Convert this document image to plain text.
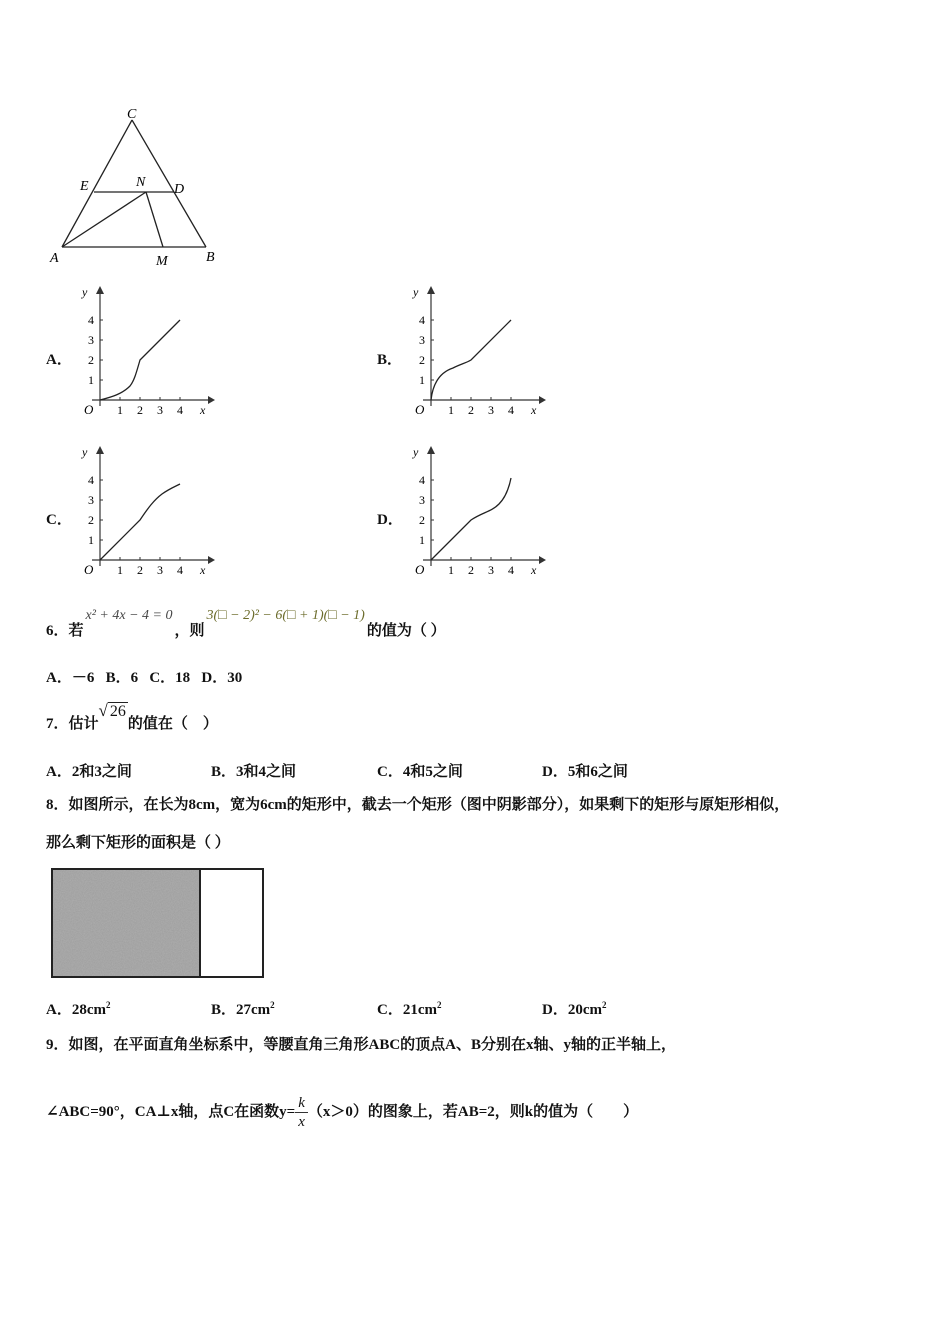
C
E	N D
A	M	B
A．	B．
C．	D．
1
1
2
2
3
3
4
4
O	x
y
1
1
2
2
3
3
4
4
O	x
y
1
1
2
2
3
3
4
4
O	x
y
1
1
2
2
3
3
4
4
O	x
y
6．若x² + 4x − 4 = 0，则3(□ − 2)² − 6(□ + 1)(□ − 1)的值为（ ）
A．－6   B．6   C．18   D．30
7．估计√ 26的值在（　）
A．2和3之间	B．3和4之间	C．4和5之间	D．5和6之间
8．如图所示，在长为8cm，宽为6cm的矩形中，截去一个矩形（图中阴影部分），如果剩下的矩形与原矩形相似，
那么剩下矩形的面积是（ ）
A．$28cm^2$	B．$27cm^2$	C．$21cm^2$	D．$20cm^2$
9．如图，在平面直角坐标系中，等腰直角三角形ABC的顶点A、B分别在x轴、y轴的正半轴上，
∠ABC=90°，CA⊥x轴，点C在函数$y= \frac{k}{x} (x>0)$的图象上，若AB=2，则k的值为（　　）
